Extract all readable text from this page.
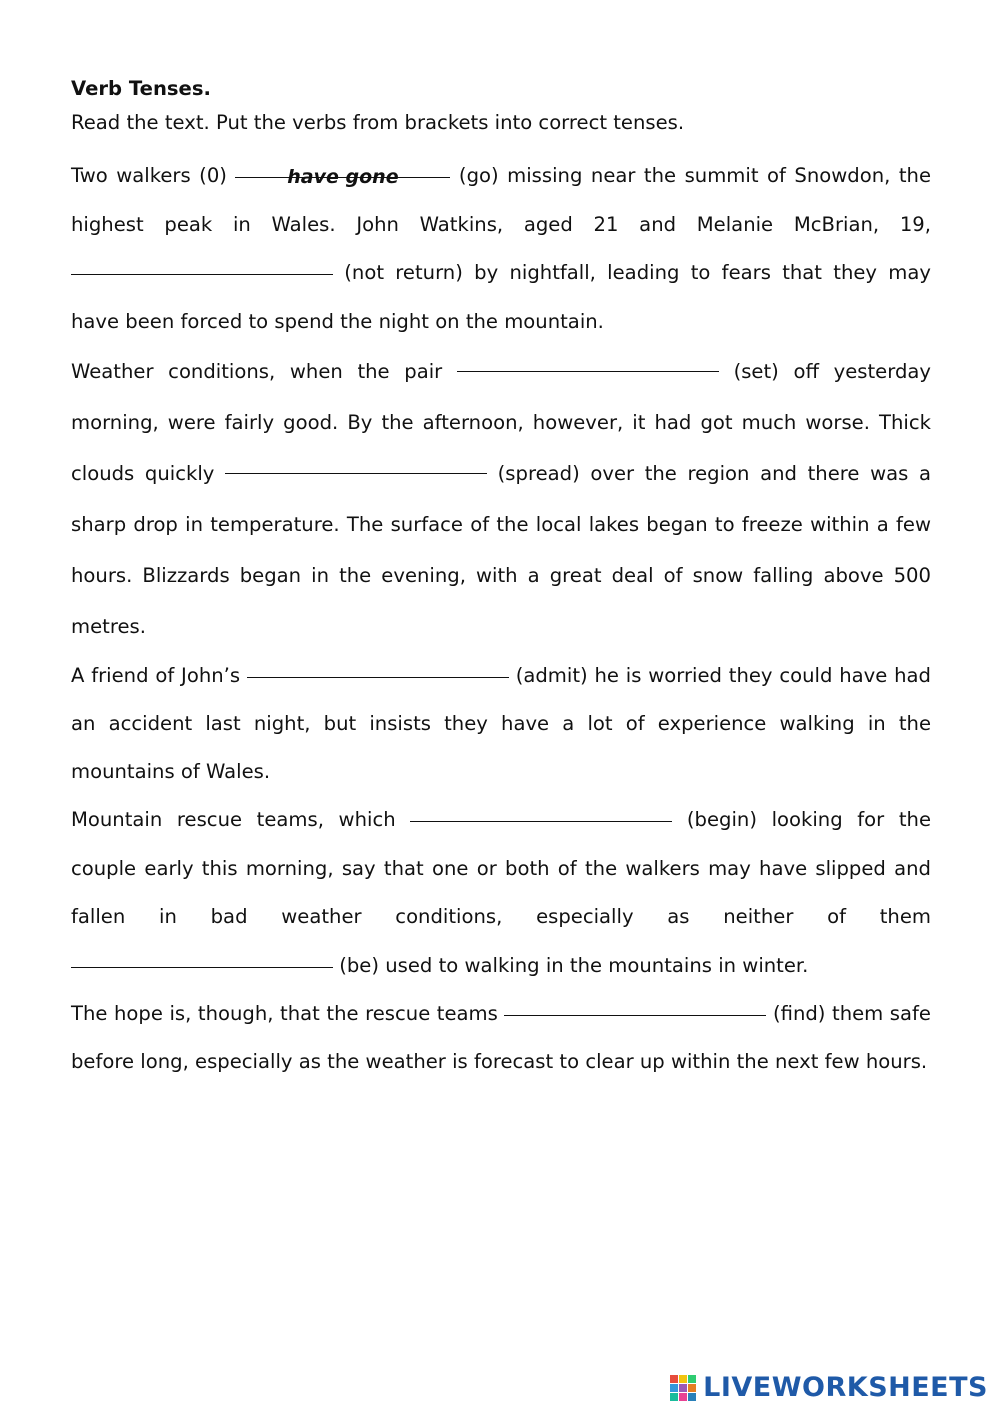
Verb Tenses.

Read the text. Put the verbs from brackets into correct tenses.

Two walkers (0)	have gone	(go) missing near the summit of Snowdon, the highest peak in Wales. John Watkins, aged 21 and Melanie McBrian, 19,  (not return) by nightfall, leading to fears that they may have been forced to spend the night on the mountain.

Weather conditions, when the pair	(set) off yesterday morning, were fairly good. By the afternoon, however, it had got much worse. Thick clouds quickly	(spread) over the region and there was a sharp drop in temperature. The surface of the local lakes began to freeze within a few hours. Blizzards began in the evening, with a great deal of snow falling above 500 metres.

A friend of John’s	(admit) he is worried they could have had an accident last night, but insists they have a lot of experience walking in the mountains of Wales.

Mountain rescue teams, which	(begin) looking for the couple early this morning, say that one or both of the walkers may have slipped and fallen in bad weather conditions, especially as neither of them  (be) used to walking in the mountains in winter.

The hope is, though, that the rescue teams	(find) them safe before long, especially as the weather is forecast to clear up within the next few hours.

LIVEWORKSHEETS
